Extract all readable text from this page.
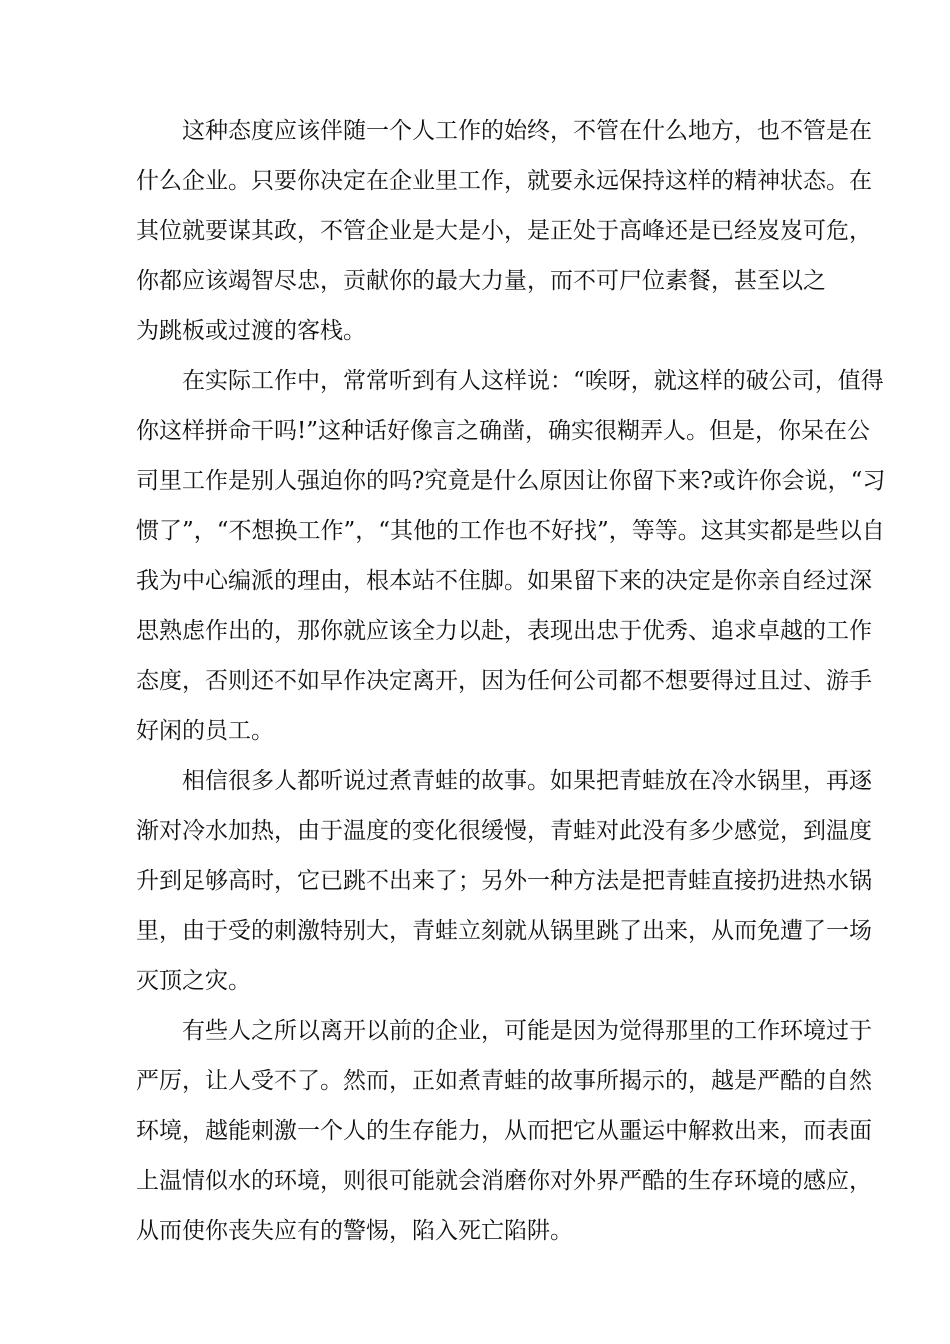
这种态度应该伴随一个人工作的始终，不管在什么地方，也不管是在
什么企业。只要你决定在企业里工作，就要永远保持这样的精神状态。在
其位就要谋其政，不管企业是大是小，是正处于高峰还是已经岌岌可危，
你都应该竭智尽忠，贡献你的最大力量，而不可尸位素餐，甚至以之
为跳板或过渡的客栈。
在实际工作中，常常听到有人这样说：“唉呀，就这样的破公司，值得
你这样拼命干吗!”这种话好像言之确凿，确实很糊弄人。但是，你呆在公
司里工作是别人强迫你的吗?究竟是什么原因让你留下来?或许你会说，“习
惯了”，“不想换工作”，“其他的工作也不好找”，等等。这其实都是些以自
我为中心编派的理由，根本站不住脚。如果留下来的决定是你亲自经过深
思熟虑作出的，那你就应该全力以赴，表现出忠于优秀、追求卓越的工作
态度，否则还不如早作决定离开，因为任何公司都不想要得过且过、游手
好闲的员工。
相信很多人都听说过煮青蛙的故事。如果把青蛙放在冷水锅里，再逐
渐对冷水加热，由于温度的变化很缓慢，青蛙对此没有多少感觉，到温度
升到足够高时，它已跳不出来了；另外一种方法是把青蛙直接扔进热水锅
里，由于受的刺激特别大，青蛙立刻就从锅里跳了出来，从而免遭了一场
灭顶之灾。
有些人之所以离开以前的企业，可能是因为觉得那里的工作环境过于
严厉，让人受不了。然而，正如煮青蛙的故事所揭示的，越是严酷的自然
环境，越能刺激一个人的生存能力，从而把它从噩运中解救出来，而表面
上温情似水的环境，则很可能就会消磨你对外界严酷的生存环境的感应，
从而使你丧失应有的警惕，陷入死亡陷阱。
